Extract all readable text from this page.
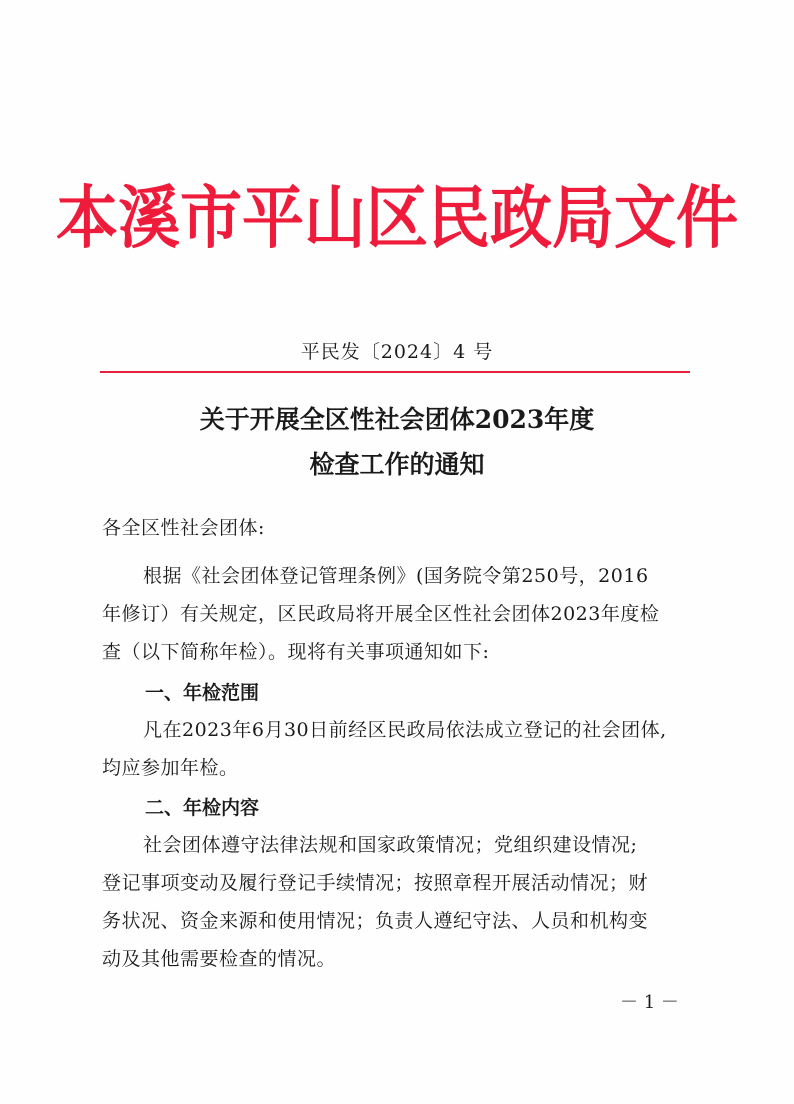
本溪市平山区民政局文件
平民发〔2024〕4 号
关于开展全区性社会团体2023年度
检查工作的通知
各全区性社会团体:
根据《社会团体登记管理条例》(国务院令第250号，2016
年修订）有关规定，区民政局将开展全区性社会团体2023年度检
查（以下简称年检）。现将有关事项通知如下:
一、年检范围
凡在2023年6月30日前经区民政局依法成立登记的社会团体,
均应参加年检。
二、年检内容
社会团体遵守法律法规和国家政策情况；党组织建设情况;
登记事项变动及履行登记手续情况；按照章程开展活动情况；财
务状况、资金来源和使用情况；负责人遵纪守法、人员和机构变
动及其他需要检查的情况。
－ 1 －
